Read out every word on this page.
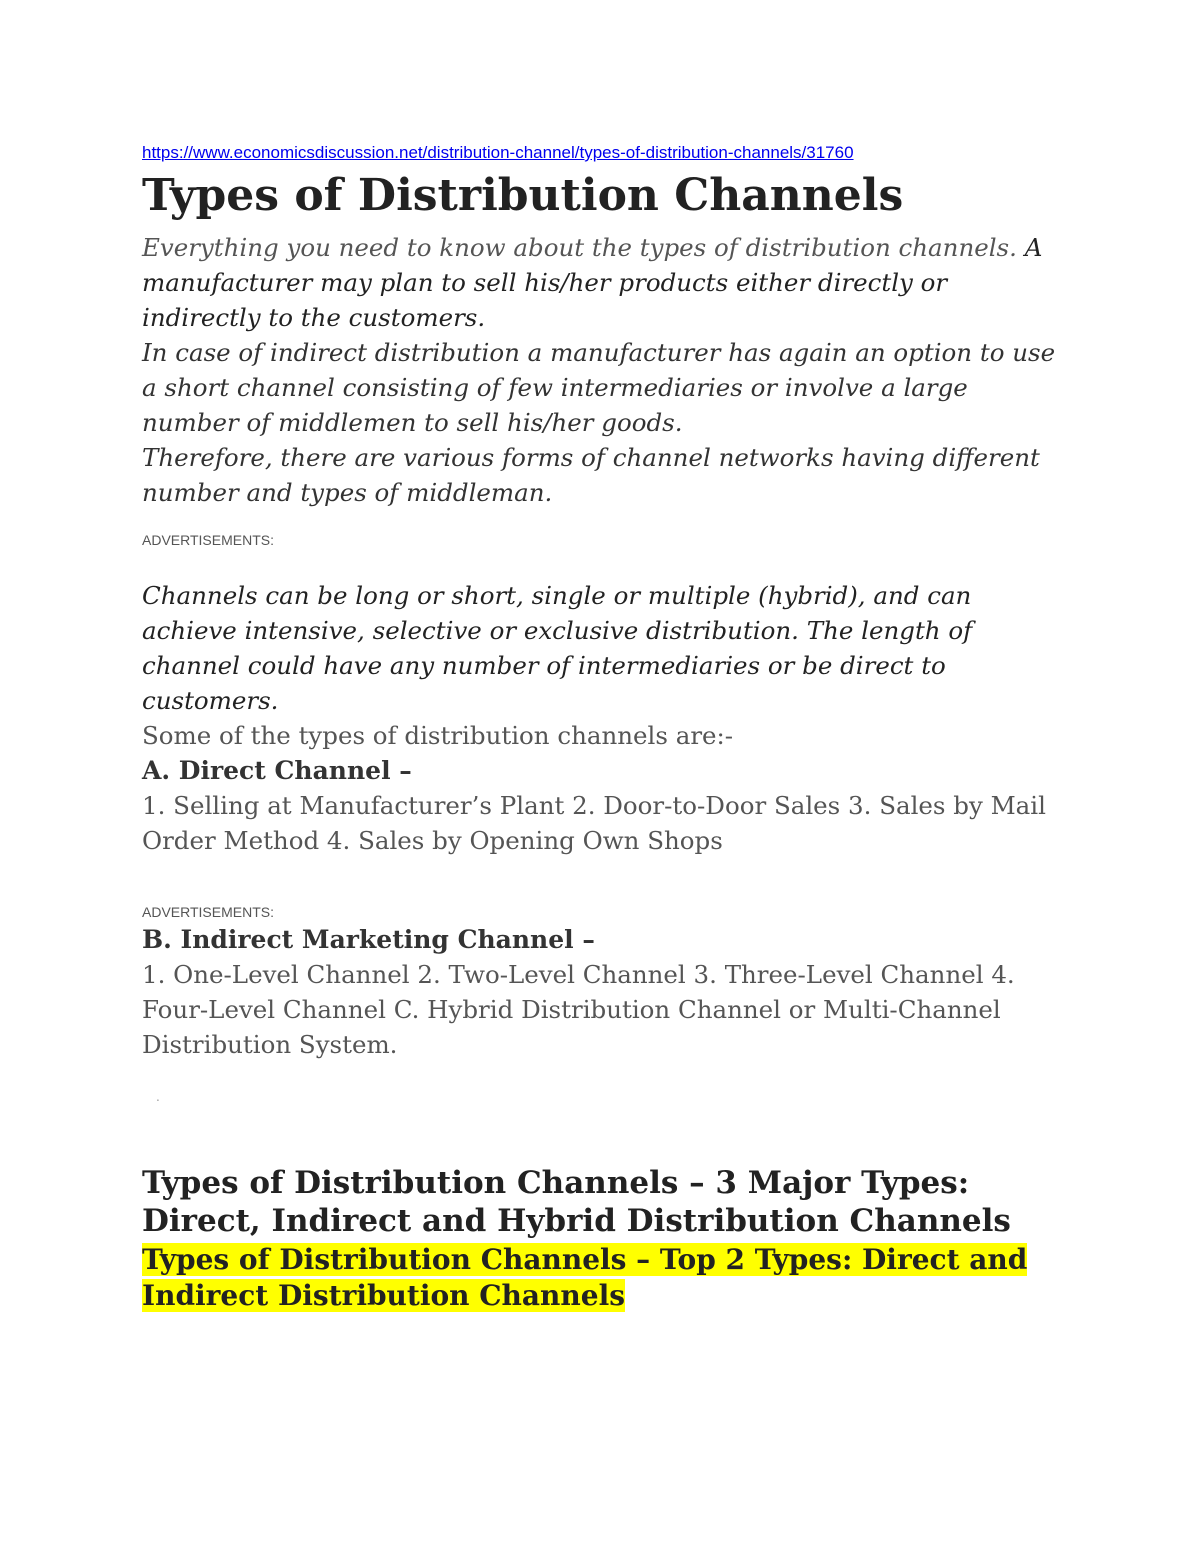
https://www.economicsdiscussion.net/distribution-channel/types-of-distribution-channels/31760
Types of Distribution Channels

Everything you need to know about the types of distribution channels. A manufacturer may plan to sell his/her products either directly or indirectly to the customers.

In case of indirect distribution a manufacturer has again an option to use a short channel consisting of few intermediaries or involve a large number of middlemen to sell his/her goods.

Therefore, there are various forms of channel networks having different number and types of middleman.

ADVERTISEMENTS:

Channels can be long or short, single or multiple (hybrid), and can achieve intensive, selective or exclusive distribution. The length of channel could have any number of intermediaries or be direct to customers.

Some of the types of distribution channels are:-

A. Direct Channel –

1. Selling at Manufacturer’s Plant 2. Door-to-Door Sales 3. Sales by Mail Order Method 4. Sales by Opening Own Shops

ADVERTISEMENTS:

B. Indirect Marketing Channel –

1. One-Level Channel 2. Two-Level Channel 3. Three-Level Channel 4. Four-Level Channel C. Hybrid Distribution Channel or Multi-Channel Distribution System.

.

Types of Distribution Channels – 3 Major Types: Direct, Indirect and Hybrid Distribution Channels
Types of Distribution Channels – Top 2 Types: Direct and Indirect Distribution Channels
